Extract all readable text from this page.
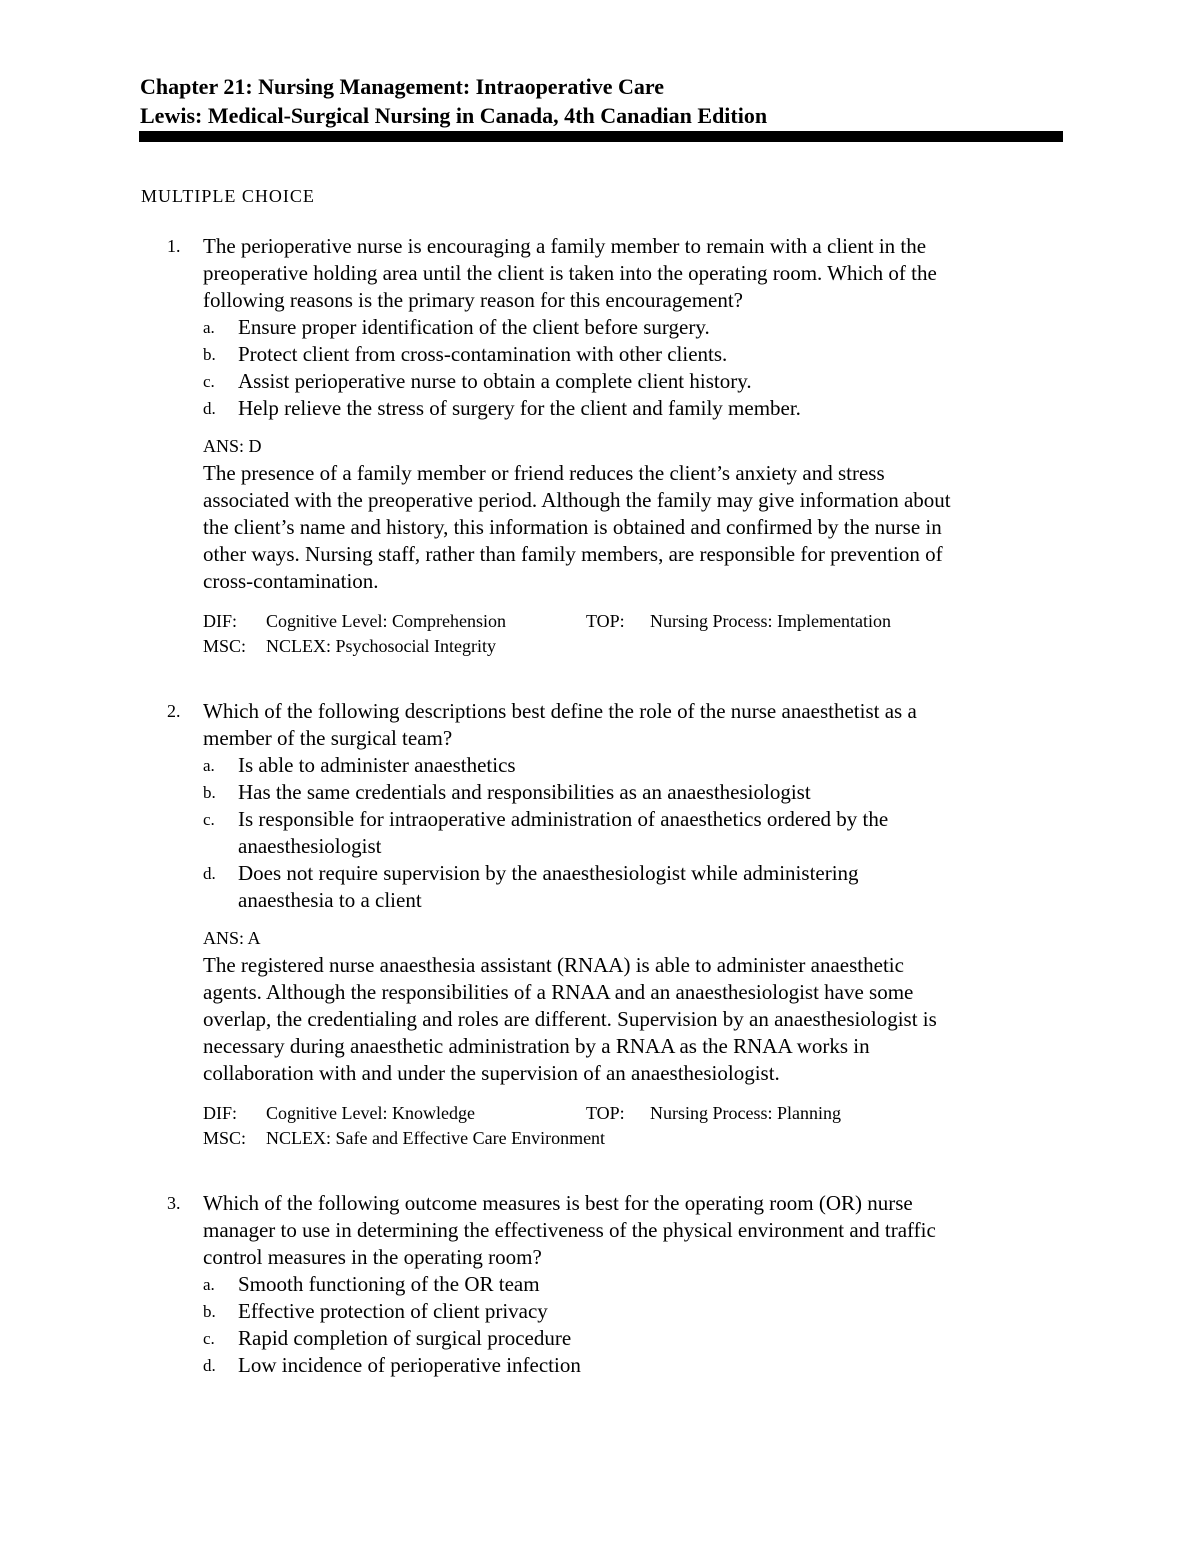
Chapter 21: Nursing Management: Intraoperative Care
Lewis: Medical-Surgical Nursing in Canada, 4th Canadian Edition
MULTIPLE CHOICE
1. The perioperative nurse is encouraging a family member to remain with a client in the
preoperative holding area until the client is taken into the operating room. Which of the
following reasons is the primary reason for this encouragement?
a. Ensure proper identification of the client before surgery.
b. Protect client from cross-contamination with other clients.
c. Assist perioperative nurse to obtain a complete client history.
d. Help relieve the stress of surgery for the client and family member.
ANS: D
The presence of a family member or friend reduces the client’s anxiety and stress
associated with the preoperative period. Although the family may give information about
the client’s name and history, this information is obtained and confirmed by the nurse in
other ways. Nursing staff, rather than family members, are responsible for prevention of
cross-contamination.
DIF: Cognitive Level: Comprehension	TOP: Nursing Process: Implementation
MSC: NCLEX: Psychosocial Integrity
2. Which of the following descriptions best define the role of the nurse anaesthetist as a
member of the surgical team?
a. Is able to administer anaesthetics
b. Has the same credentials and responsibilities as an anaesthesiologist
c. Is responsible for intraoperative administration of anaesthetics ordered by the
anaesthesiologist
d. Does not require supervision by the anaesthesiologist while administering
anaesthesia to a client
ANS: A
The registered nurse anaesthesia assistant (RNAA) is able to administer anaesthetic
agents. Although the responsibilities of a RNAA and an anaesthesiologist have some
overlap, the credentialing and roles are different. Supervision by an anaesthesiologist is
necessary during anaesthetic administration by a RNAA as the RNAA works in
collaboration with and under the supervision of an anaesthesiologist.
DIF: Cognitive Level: Knowledge	TOP: Nursing Process: Planning
MSC: NCLEX: Safe and Effective Care Environment
3. Which of the following outcome measures is best for the operating room (OR) nurse
manager to use in determining the effectiveness of the physical environment and traffic
control measures in the operating room?
a. Smooth functioning of the OR team
b. Effective protection of client privacy
c. Rapid completion of surgical procedure
d. Low incidence of perioperative infection
